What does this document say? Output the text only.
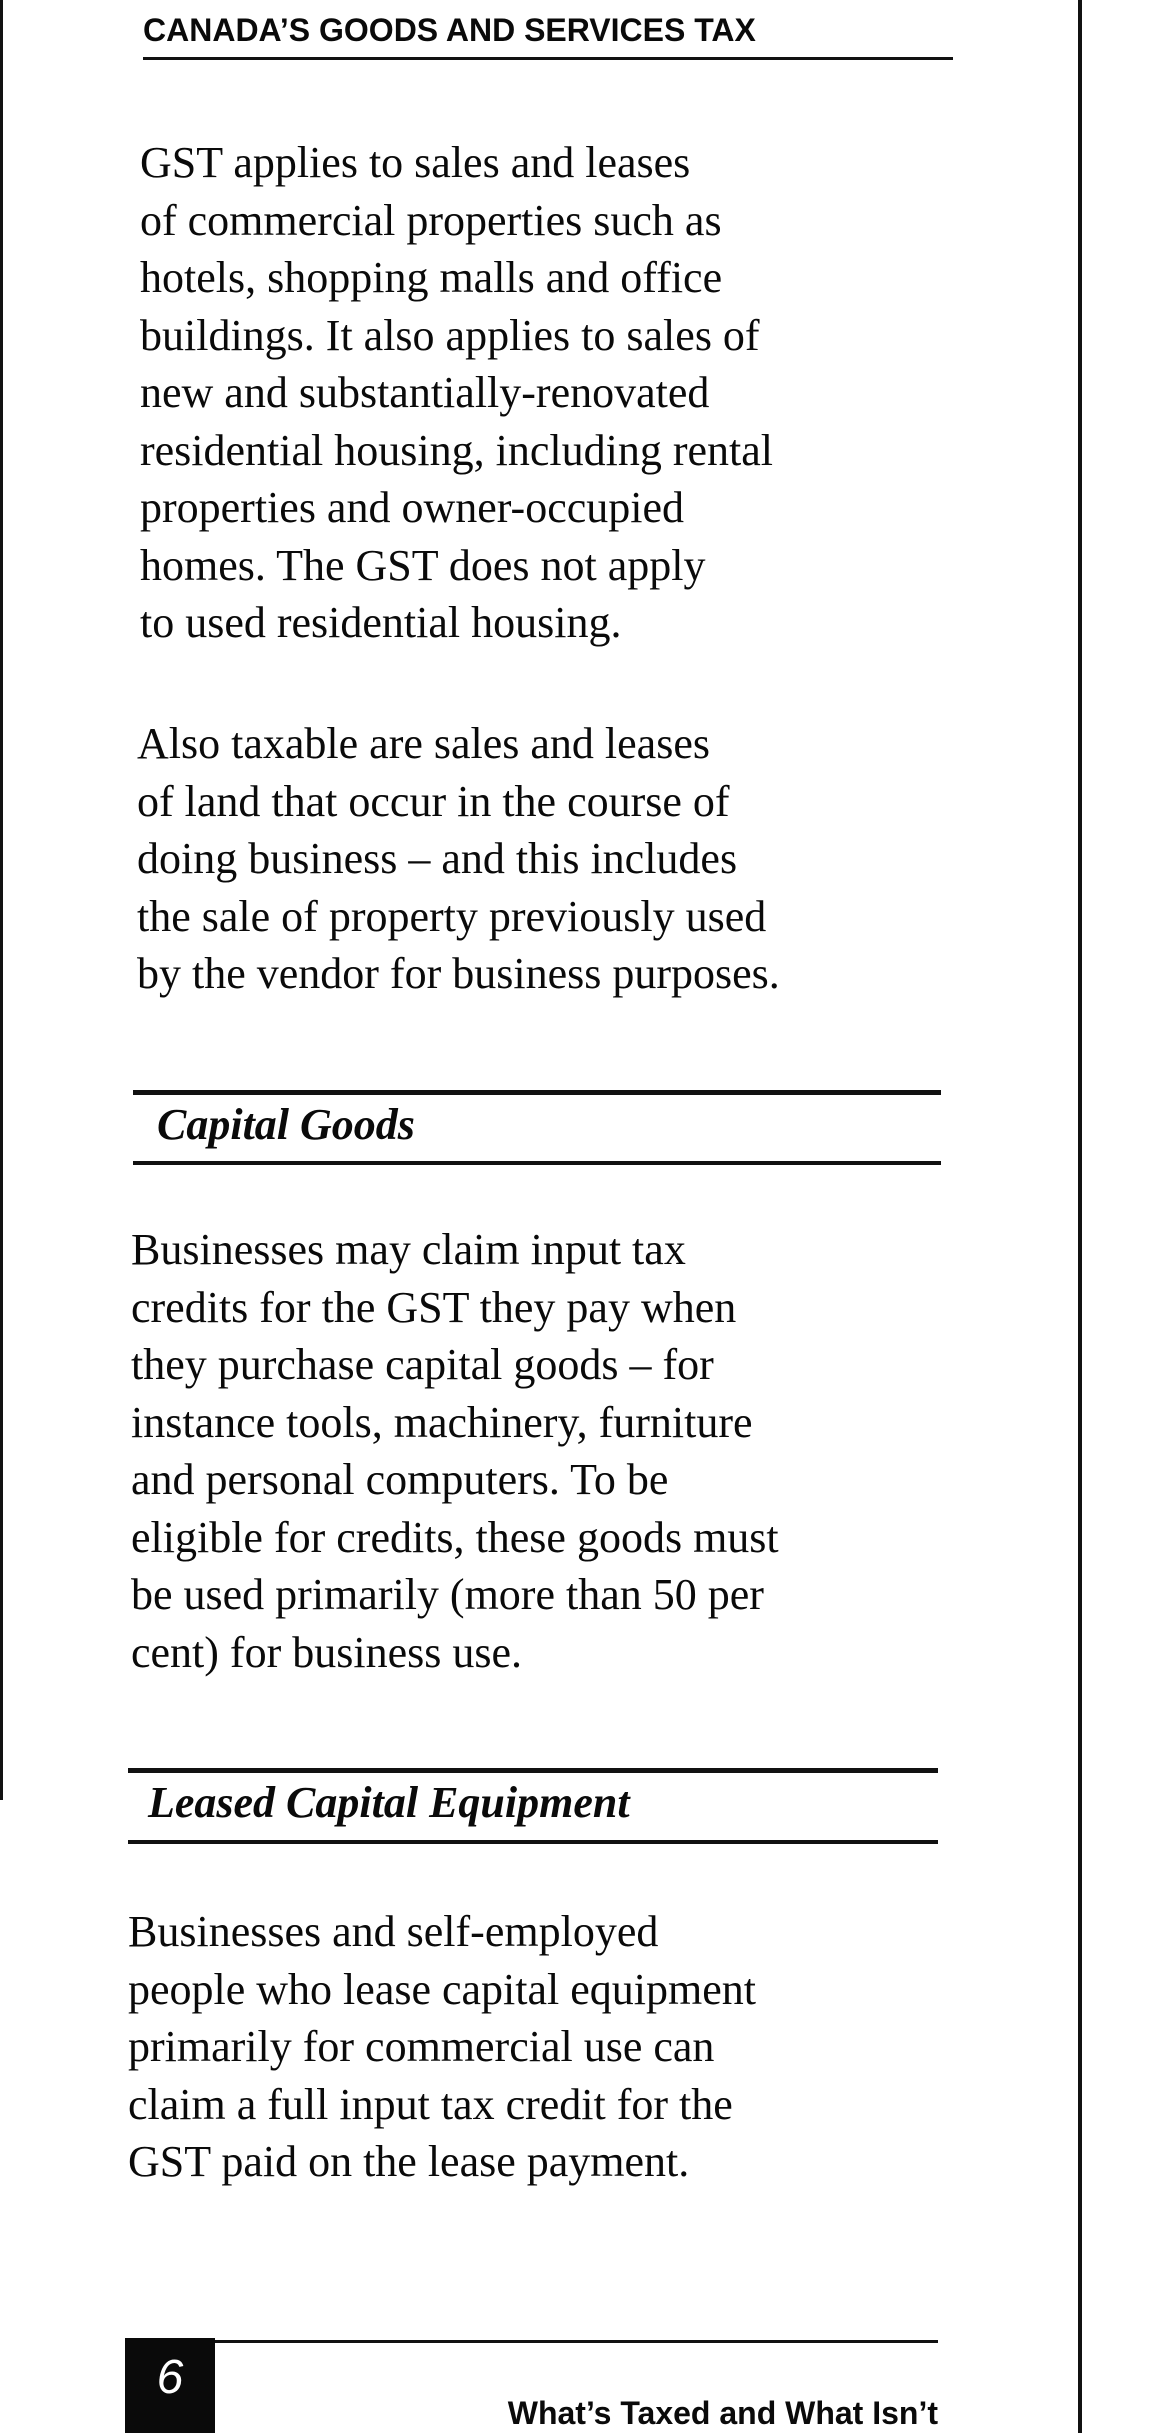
CANADA’S GOODS AND SERVICES TAX

GST applies to sales and leases
of commercial properties such as
hotels, shopping malls and office
buildings. It also applies to sales of
new and substantially-renovated
residential housing, including rental
properties and owner-occupied
homes. The GST does not apply
to used residential housing.

Also taxable are sales and leases
of land that occur in the course of
doing business – and this includes
the sale of property previously used
by the vendor for business purposes.

Capital Goods

Businesses may claim input tax
credits for the GST they pay when
they purchase capital goods – for
instance tools, machinery, furniture
and personal computers. To be
eligible for credits, these goods must
be used primarily (more than 50 per
cent) for business use.

Leased Capital Equipment

Businesses and self-employed
people who lease capital equipment
primarily for commercial use can
claim a full input tax credit for the
GST paid on the lease payment.

6
What’s Taxed and What Isn’t
